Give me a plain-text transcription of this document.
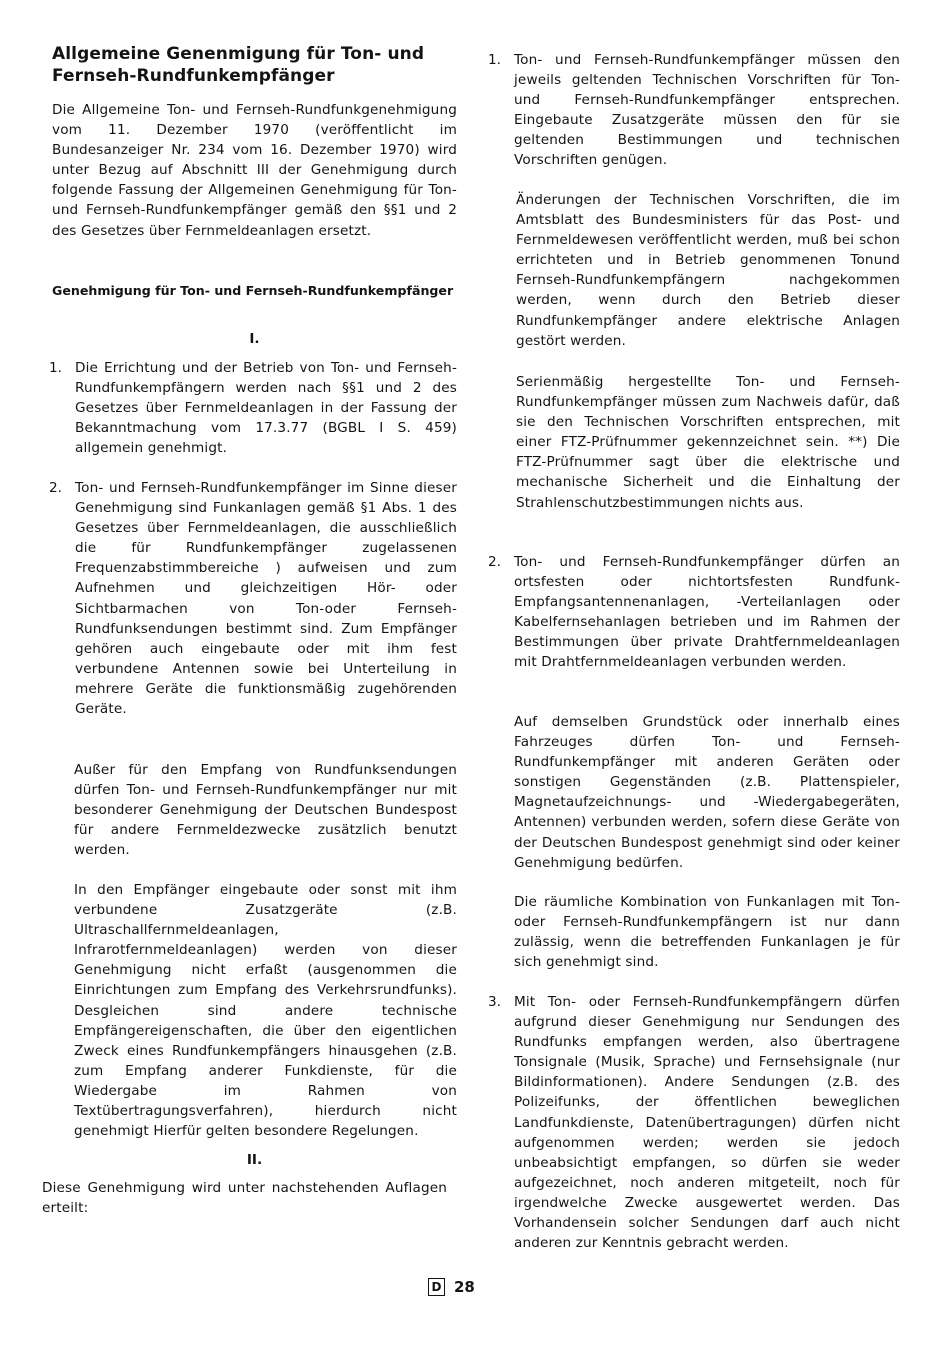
Allgemeine Genenmigung für Ton- und Fernseh-Rundfunkempfänger

Die Allgemeine Ton- und Fernseh-Rundfunkgenehmigung vom 11. Dezember 1970 (veröffentlicht im Bundesanzeiger Nr. 234 vom 16. Dezember 1970) wird unter Bezug auf Abschnitt III der Genehmigung durch folgende Fassung der Allgemeinen Genehmigung für Ton- und Fernseh-Rundfunkempfänger gemäß den §§1 und 2 des Gesetzes über Fernmeldeanlagen ersetzt.

Genehmigung für Ton- und Fernseh-Rundfunkempfänger
I.
1. Die Errichtung und der Betrieb von Ton- und Fernseh-Rundfunkempfängern werden nach §§1 und 2 des Gesetzes über Fernmeldeanlagen in der Fassung der Bekanntmachung vom 17.3.77 (BGBL I S. 459) allgemein genehmigt.

2. Ton- und Fernseh-Rundfunkempfänger im Sinne dieser Genehmigung sind Funkanlagen gemäß §1 Abs. 1 des Gesetzes über Fernmeldeanlagen, die ausschließlich die für Rundfunkempfänger zugelassenen Frequenzabstimmbereiche ) aufweisen und zum Aufnehmen und gleichzeitigen Hör- oder Sichtbarmachen von Ton-oder Fernseh-Rundfunksendungen bestimmt sind. Zum Empfänger gehören auch eingebaute oder mit ihm fest verbundene Antennen sowie bei Unterteilung in mehrere Geräte die funktionsmäßig zugehörenden Geräte.

Außer für den Empfang von Rundfunksendungen dürfen Ton- und Fernseh-Rundfunkempfänger nur mit besonderer Genehmigung der Deutschen Bundespost für andere Fernmeldezwecke zusätzlich benutzt werden.

In den Empfänger eingebaute oder sonst mit ihm verbundene Zusatzgeräte (z.B. Ultraschallfernmeldeanlagen, Infrarotfernmeldeanlagen) werden von dieser Genehmigung nicht erfaßt (ausgenommen die Einrichtungen zum Empfang des Verkehrsrundfunks). Desgleichen sind andere technische Empfängereigenschaften, die über den eigentlichen Zweck eines Rundfunkempfängers hinausgehen (z.B. zum Empfang anderer Funkdienste, für die Wiedergabe im Rahmen von Textübertragungsverfahren), hierdurch nicht genehmigt Hierfür gelten besondere Regelungen.

II.

Diese Genehmigung wird unter nachstehenden Auflagen erteilt:

1. Ton- und Fernseh-Rundfunkempfänger müssen den jeweils geltenden Technischen Vorschriften für Ton- und Fernseh-Rundfunkempfänger entsprechen. Eingebaute Zusatzgeräte müssen den für sie geltenden Bestimmungen und technischen Vorschriften genügen.

Änderungen der Technischen Vorschriften, die im Amtsblatt des Bundesministers für das Post- und Fernmeldewesen veröffentlicht werden, muß bei schon errichteten und in Betrieb genommenen Tonund Fernseh-Rundfunkempfängern nachgekommen werden, wenn durch den Betrieb dieser Rundfunkempfänger andere elektrische Anlagen gestört werden.

Serienmäßig hergestellte Ton- und Fernseh-Rundfunkempfänger müssen zum Nachweis dafür, daß sie den Technischen Vorschriften entsprechen, mit einer FTZ-Prüfnummer gekennzeichnet sein. **) Die FTZ-Prüfnummer sagt über die elektrische und mechanische Sicherheit und die Einhaltung der Strahlenschutzbestimmungen nichts aus.

2. Ton- und Fernseh-Rundfunkempfänger dürfen an ortsfesten oder nichtortsfesten Rundfunk-Empfangsantennenanlagen, -Verteilanlagen oder Kabelfernsehanlagen betrieben und im Rahmen der Bestimmungen über private Drahtfernmeldeanlagen mit Drahtfernmeldeanlagen verbunden werden.

Auf demselben Grundstück oder innerhalb eines Fahrzeuges dürfen Ton- und Fernseh-Rundfunkempfänger mit anderen Geräten oder sonstigen Gegenständen (z.B. Plattenspieler, Magnetaufzeichnungs- und -Wiedergabegeräten, Antennen) verbunden werden, sofern diese Geräte von der Deutschen Bundespost genehmigt sind oder keiner Genehmigung bedürfen.

Die räumliche Kombination von Funkanlagen mit Ton- oder Fernseh-Rundfunkempfängern ist nur dann zulässig, wenn die betreffenden Funkanlagen je für sich genehmigt sind.

3. Mit Ton- oder Fernseh-Rundfunkempfängern dürfen aufgrund dieser Genehmigung nur Sendungen des Rundfunks empfangen werden, also übertragene Tonsignale (Musik, Sprache) und Fernsehsignale (nur Bildinformationen). Andere Sendungen (z.B. des Polizeifunks, der öffentlichen beweglichen Landfunkdienste, Datenübertragungen) dürfen nicht aufgenommen werden; werden sie jedoch unbeabsichtigt empfangen, so dürfen sie weder aufgezeichnet, noch anderen mitgeteilt, noch für irgendwelche Zwecke ausgewertet werden. Das Vorhandensein solcher Sendungen darf auch nicht anderen zur Kenntnis gebracht werden.

D 28
